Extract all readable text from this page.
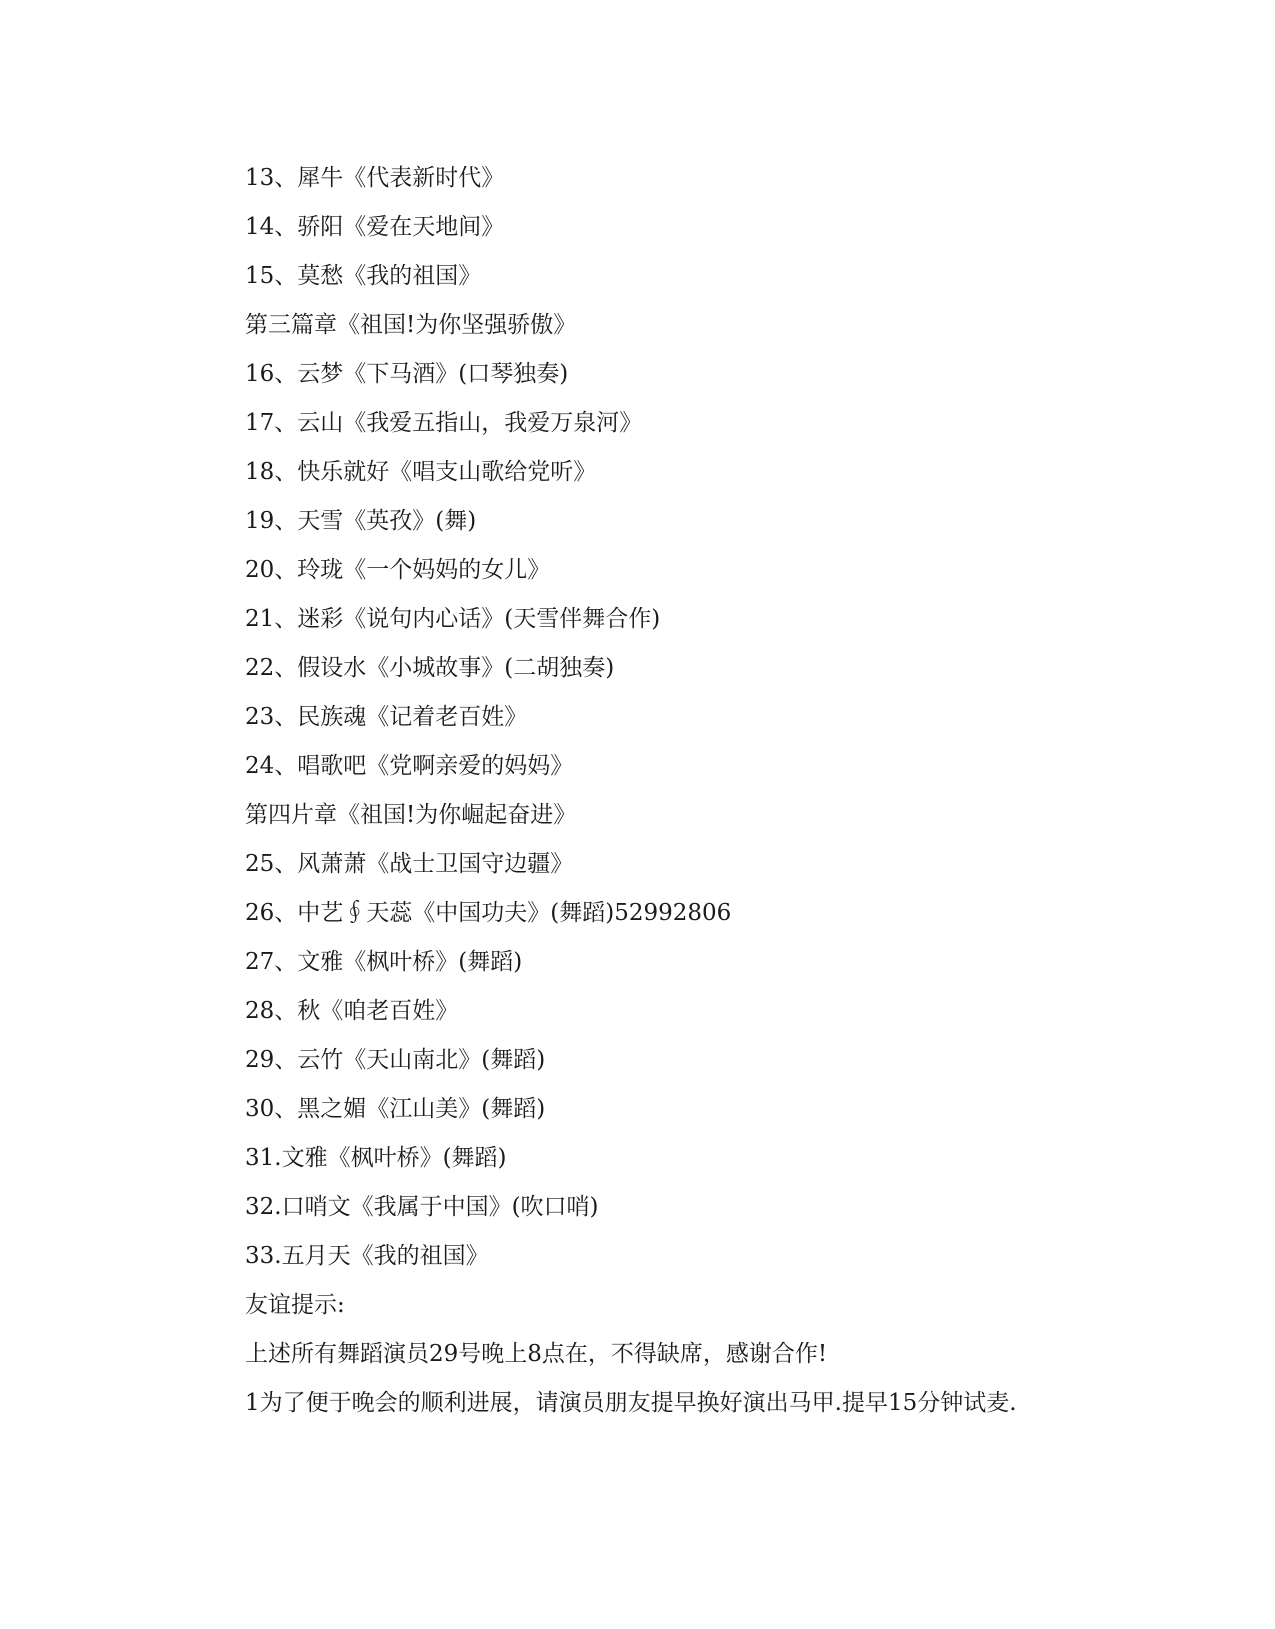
13、犀牛《代表新时代》

14、骄阳《爱在天地间》

15、莫愁《我的祖国》

第三篇章《祖国!为你坚强骄傲》

16、云梦《下马酒》(口琴独奏)

17、云山《我爱五指山，我爱万泉河》

18、快乐就好《唱支山歌给党听》

19、天雪《英孜》(舞)

20、玲珑《一个妈妈的女儿》

21、迷彩《说句内心话》(天雪伴舞合作)

22、假设水《小城故事》(二胡独奏)

23、民族魂《记着老百姓》

24、唱歌吧《党啊亲爱的妈妈》

第四片章《祖国!为你崛起奋进》

25、风萧萧《战士卫国守边疆》

26、中艺∮天蕊《中国功夫》(舞蹈)52992806

27、文雅《枫叶桥》(舞蹈)

28、秋《咱老百姓》

29、云竹《天山南北》(舞蹈)

30、黑之媚《江山美》(舞蹈)

31.文雅《枫叶桥》(舞蹈)

32.口哨文《我属于中国》(吹口哨)

33.五月天《我的祖国》

友谊提示:

上述所有舞蹈演员29号晚上8点在，不得缺席，感谢合作!

1为了便于晚会的顺利进展，请演员朋友提早换好演出马甲.提早15分钟试麦.
